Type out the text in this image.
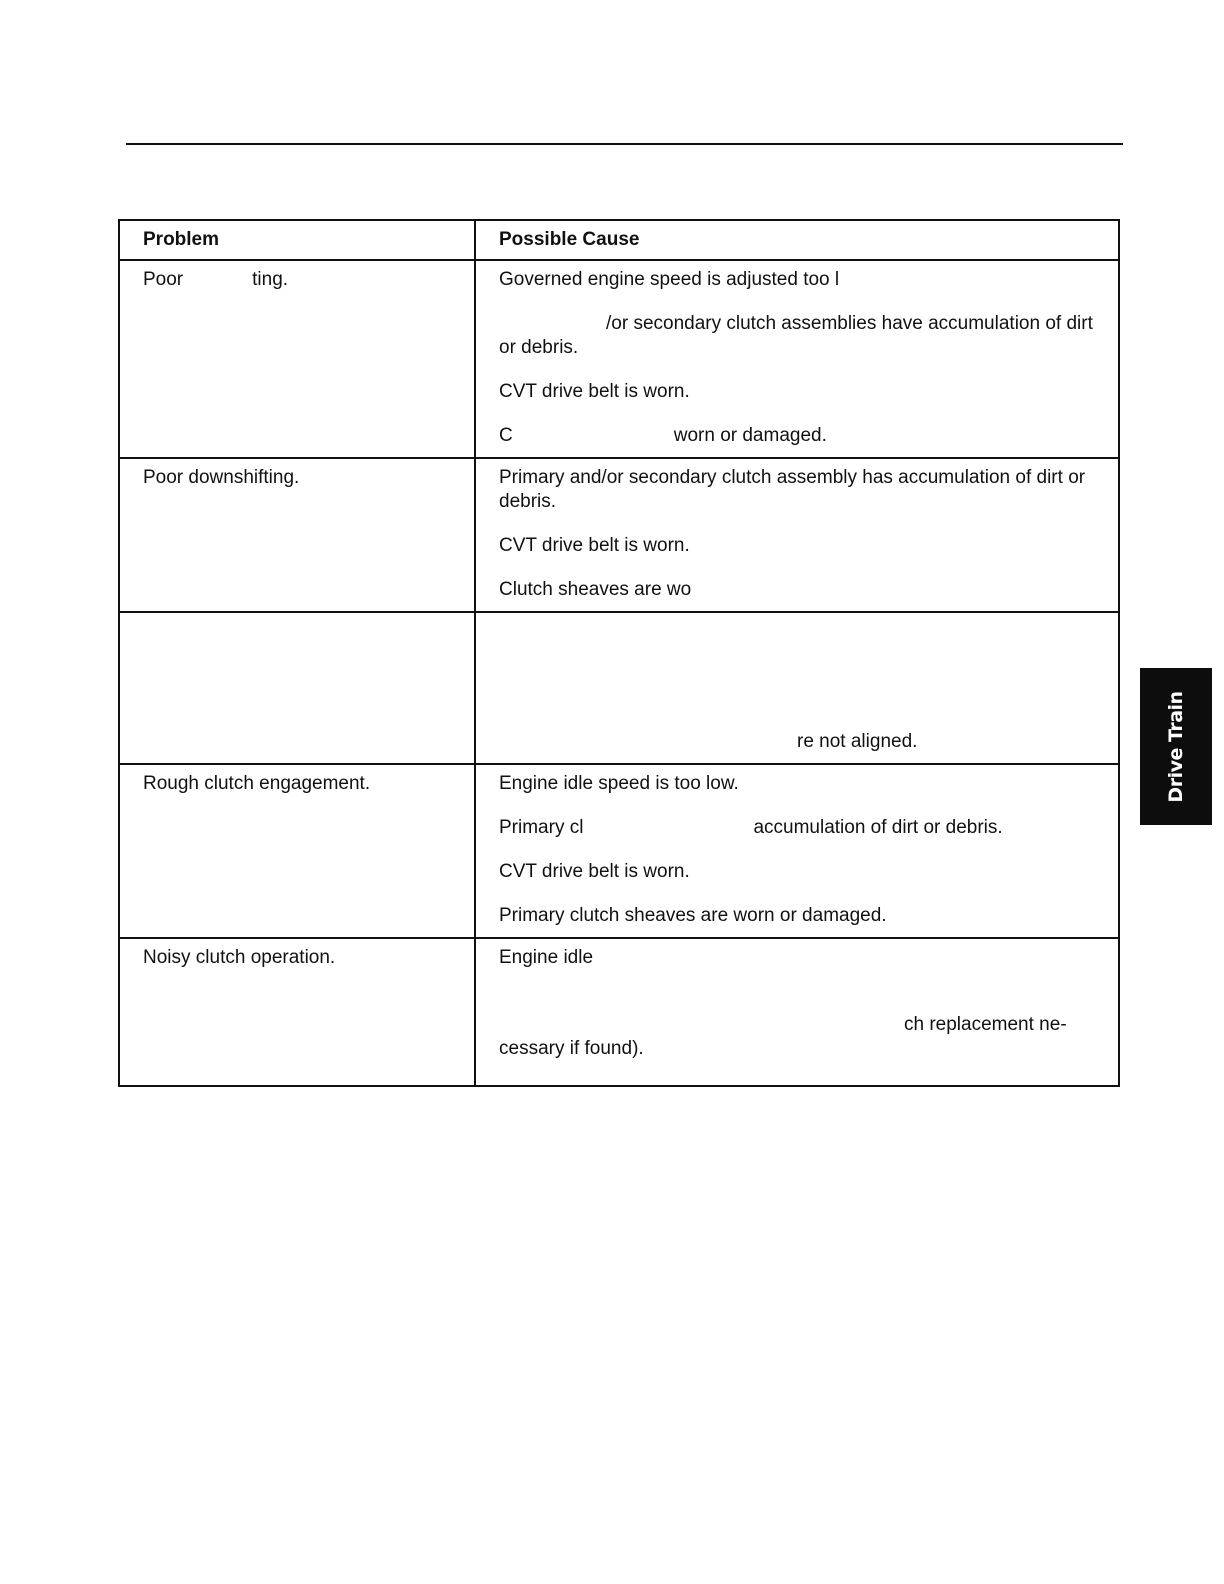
Problem	Possible Cause
Poor ting.	Governed engine speed is adjusted too l
/or secondary clutch assemblies have accumulation of dirt or debris.
CVT drive belt is worn.
C worn or damaged.

Poor downshifting.	Primary and/or secondary clutch assembly has accumulation of dirt or debris.
CVT drive belt is worn.
Clutch sheaves are wo

	re not aligned.

Rough clutch engagement.	Engine idle speed is too low.
Primary cl accumulation of dirt or debris.
CVT drive belt is worn.
Primary clutch sheaves are worn or damaged.

Noisy clutch operation.	Engine idle
ch replacement ne-
cessary if found).
Drive Train
